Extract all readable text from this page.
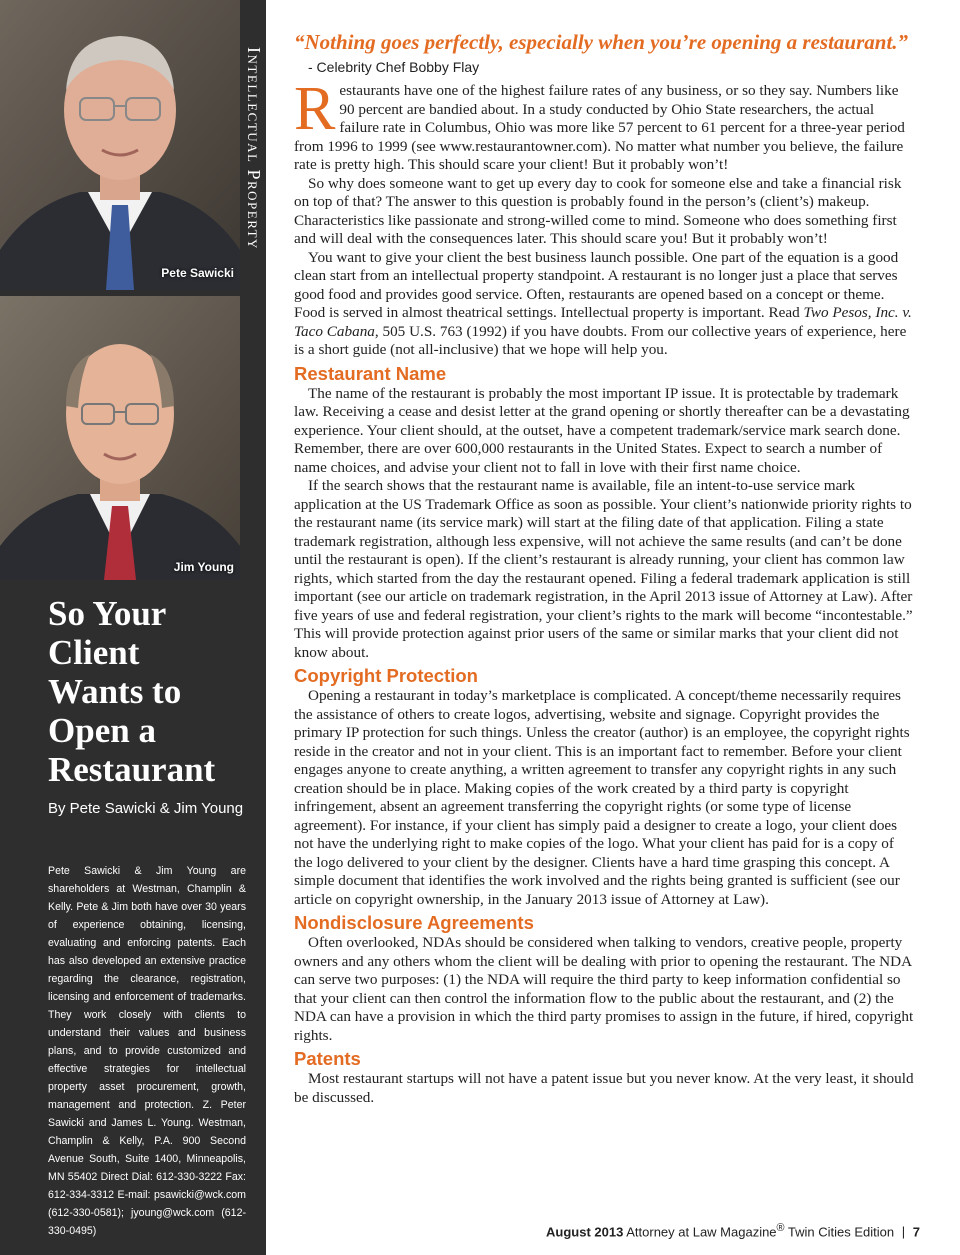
Pete Sawicki
Intellectual Property
Jim Young
So Your
Client
Wants to
Open a
Restaurant
By Pete Sawicki & Jim Young
Pete Sawicki & Jim Young are shareholders at Westman, Champlin & Kelly. Pete & Jim both have over 30 years of experience obtaining, licensing, evaluating and enforcing patents. Each has also developed an extensive practice regarding the clearance, registration, licensing and enforcement of trademarks. They work closely with clients to understand their values and business plans, and to provide customized and effective strategies for intellectual property asset procurement, growth, management and protection. Z. Peter Sawicki and James L. Young. Westman, Champlin & Kelly, P.A. 900 Second Avenue South, Suite 1400, Minneapolis, MN 55402 Direct Dial: 612-330-3222 Fax: 612-334-3312 E-mail: psawicki@wck.com (612-330-0581); jyoung@wck.com (612-330-0495)
“Nothing goes perfectly, especially when you’re opening a restaurant.”
- Celebrity Chef Bobby Flay

Restaurants have one of the highest failure rates of any business, or so they say. Numbers like 90 percent are bandied about. In a study conducted by Ohio State researchers, the actual failure rate in Columbus, Ohio was more like 57 percent to 61 percent for a three-year period from 1996 to 1999 (see www.restaurantowner.com). No matter what number you believe, the failure rate is pretty high. This should scare your client! But it probably won’t!

So why does someone want to get up every day to cook for someone else and take a financial risk on top of that? The answer to this question is probably found in the person’s (client’s) makeup. Characteristics like passionate and strong-willed come to mind. Someone who does something first and will deal with the consequences later. This should scare you! But it probably won’t!

You want to give your client the best business launch possible. One part of the equation is a good clean start from an intellectual property standpoint. A restaurant is no longer just a place that serves good food and provides good service. Often, restaurants are opened based on a concept or theme. Food is served in almost theatrical settings. Intellectual property is important. Read Two Pesos, Inc. v. Taco Cabana, 505 U.S. 763 (1992) if you have doubts. From our collective years of experience, here is a short guide (not all-inclusive) that we hope will help you.

Restaurant Name

The name of the restaurant is probably the most important IP issue. It is protectable by trademark law. Receiving a cease and desist letter at the grand opening or shortly thereafter can be a devastating experience. Your client should, at the outset, have a competent trademark/service mark search done. Remember, there are over 600,000 restaurants in the United States. Expect to search a number of name choices, and advise your client not to fall in love with their first name choice.

If the search shows that the restaurant name is available, file an intent-to-use service mark application at the US Trademark Office as soon as possible. Your client’s nationwide priority rights to the restaurant name (its service mark) will start at the filing date of that application. Filing a state trademark registration, although less expensive, will not achieve the same results (and can’t be done until the restaurant is open). If the client’s restaurant is already running, your client has common law rights, which started from the day the restaurant opened. Filing a federal trademark application is still important (see our article on trademark registration, in the April 2013 issue of Attorney at Law). After five years of use and federal registration, your client’s rights to the mark will become “incontestable.” This will provide protection against prior users of the same or similar marks that your client did not know about.

Copyright Protection

Opening a restaurant in today’s marketplace is complicated. A concept/theme necessarily requires the assistance of others to create logos, advertising, website and signage. Copyright provides the primary IP protection for such things. Unless the creator (author) is an employee, the copyright rights reside in the creator and not in your client. This is an important fact to remember. Before your client engages anyone to create anything, a written agreement to transfer any copyright rights in any such creation should be in place. Making copies of the work created by a third party is copyright infringement, absent an agreement transferring the copyright rights (or some type of license agreement). For instance, if your client has simply paid a designer to create a logo, your client does not have the underlying right to make copies of the logo. What your client has paid for is a copy of the logo delivered to your client by the designer. Clients have a hard time grasping this concept. A simple document that identifies the work involved and the rights being granted is sufficient (see our article on copyright ownership, in the January 2013 issue of Attorney at Law).

Nondisclosure Agreements

Often overlooked, NDAs should be considered when talking to vendors, creative people, property owners and any others whom the client will be dealing with prior to opening the restaurant. The NDA can serve two purposes: (1) the NDA will require the third party to keep information confidential so that your client can then control the information flow to the public about the restaurant, and (2) the NDA can have a provision in which the third party promises to assign in the future, if hired, copyright rights.

Patents

Most restaurant startups will not have a patent issue but you never know. At the very least, it should be discussed.

August 2013 Attorney at Law Magazine® Twin Cities Edition | 7
